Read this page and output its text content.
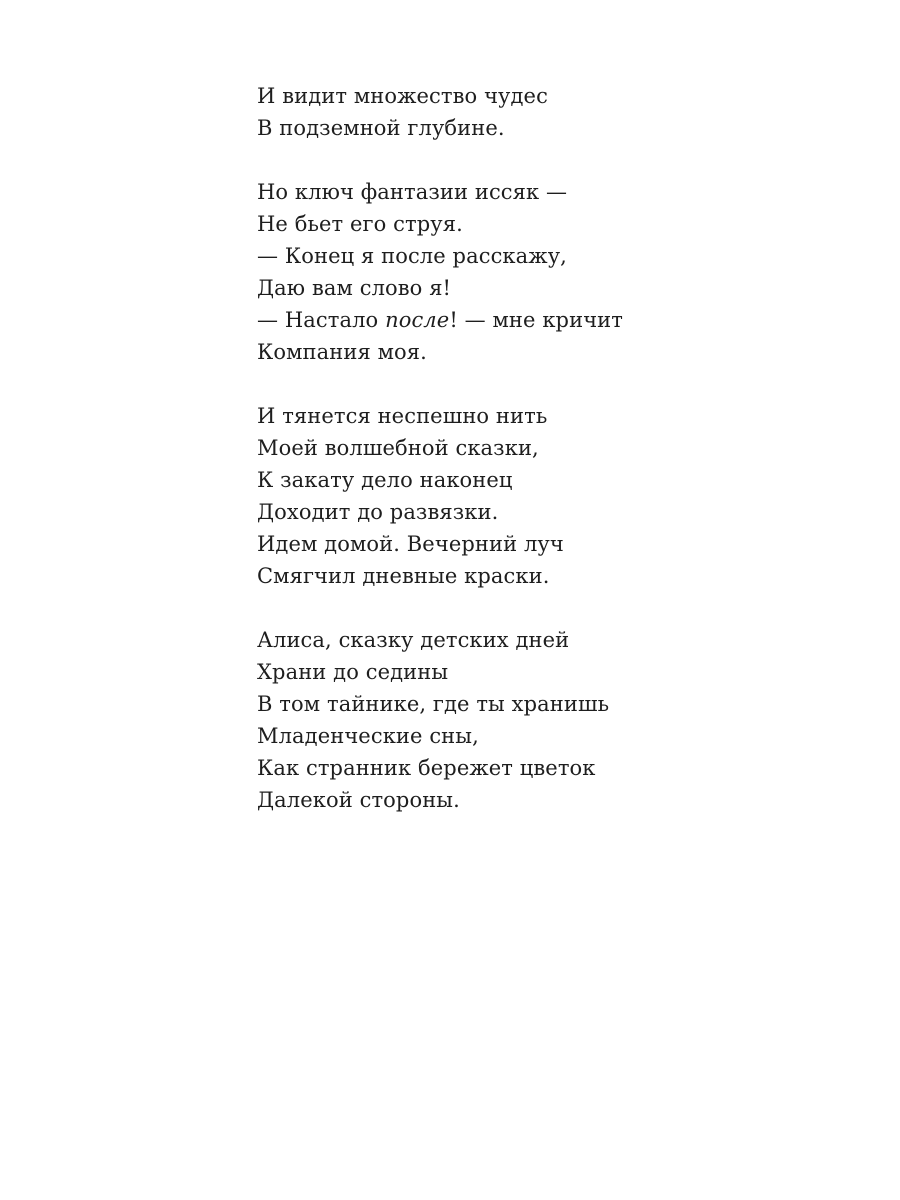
И видит множество чудес
В подземной глубине.
Но ключ фантазии иссяк —
Не бьет его струя.
— Конец я после расскажу,
Даю вам слово я!
— Настало после! — мне кричит
Компания моя.
И тянется неспешно нить
Моей волшебной сказки,
К закату дело наконец
Доходит до развязки.
Идем домой. Вечерний луч
Смягчил дневные краски.
Алиса, сказку детских дней
Храни до седины
В том тайнике, где ты хранишь
Младенческие сны,
Как странник бережет цветок
Далекой стороны.
